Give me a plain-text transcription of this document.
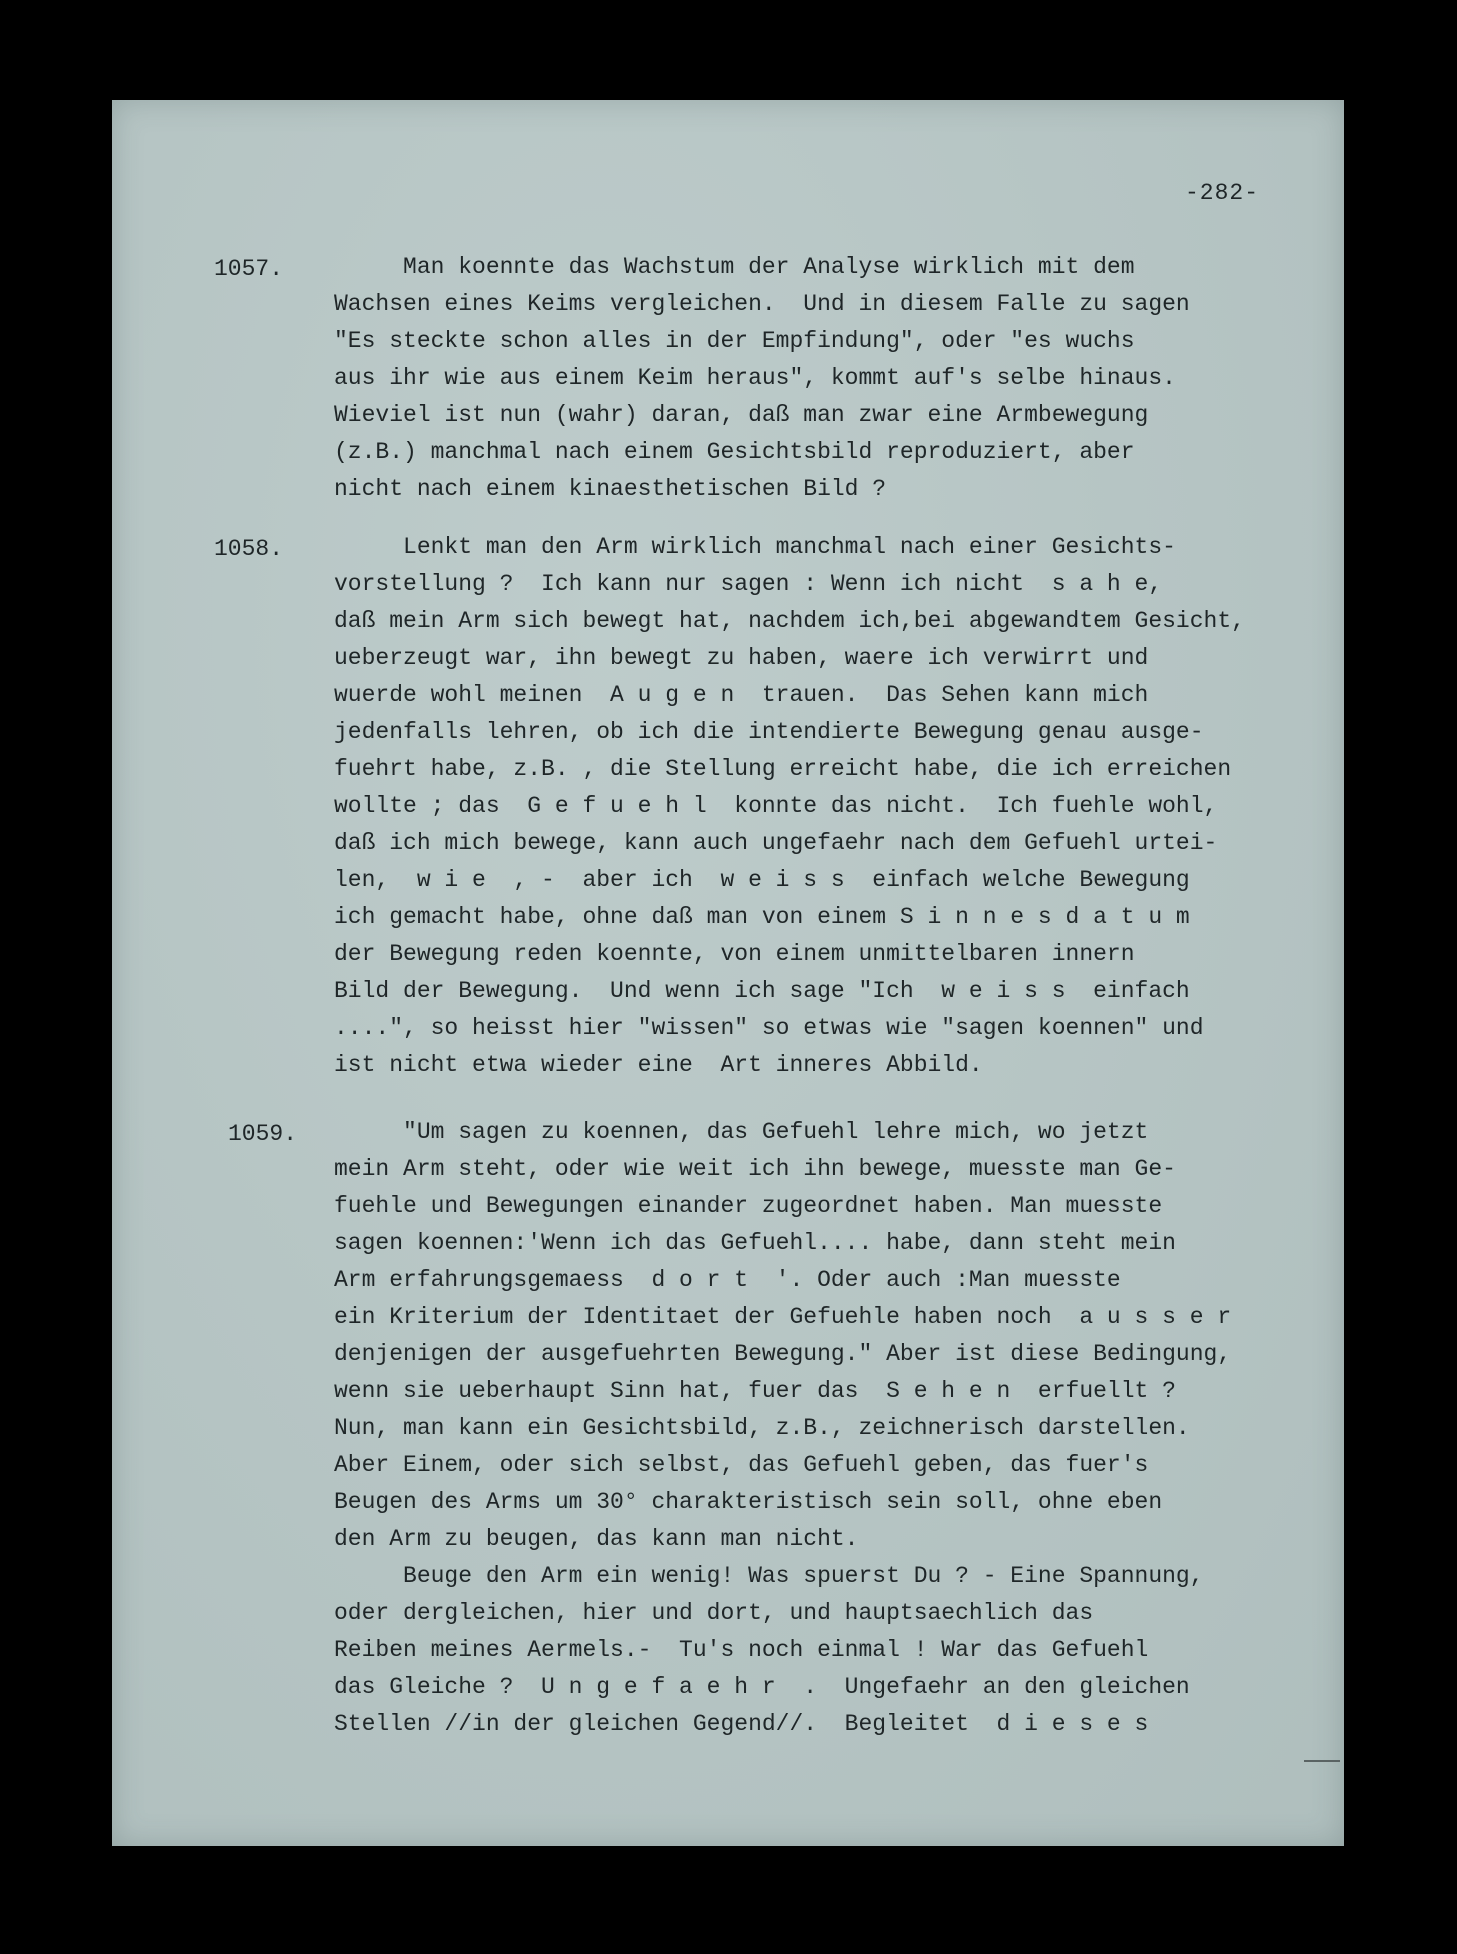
-282-
1057. Man koennte das Wachstum der Analyse wirklich mit dem
Wachsen eines Keims vergleichen.  Und in diesem Falle zu sagen
"Es steckte schon alles in der Empfindung", oder "es wuchs
aus ihr wie aus einem Keim heraus", kommt auf's selbe hinaus.
Wieviel ist nun (wahr) daran, daß man zwar eine Armbewegung
(z.B.) manchmal nach einem Gesichtsbild reproduziert, aber
nicht nach einem kinaesthetischen Bild ?
1058. Lenkt man den Arm wirklich manchmal nach einer Gesichts-
vorstellung ?  Ich kann nur sagen : Wenn ich nicht  s a h e,
daß mein Arm sich bewegt hat, nachdem ich,bei abgewandtem Gesicht,
ueberzeugt war, ihn bewegt zu haben, waere ich verwirrt und
wuerde wohl meinen  A u g e n  trauen.  Das Sehen kann mich
jedenfalls lehren, ob ich die intendierte Bewegung genau ausge-
fuehrt habe, z.B. , die Stellung erreicht habe, die ich erreichen
wollte ; das  G e f u e h l  konnte das nicht.  Ich fuehle wohl,
daß ich mich bewege, kann auch ungefaehr nach dem Gefuehl urtei-
len,  w i e  , -  aber ich  w e i s s  einfach welche Bewegung
ich gemacht habe, ohne daß man von einem S i n n e s d a t u m
der Bewegung reden koennte, von einem unmittelbaren innern
Bild der Bewegung.  Und wenn ich sage "Ich  w e i s s  einfach
....", so heisst hier "wissen" so etwas wie "sagen koennen" und
ist nicht etwa wieder eine  Art inneres Abbild.
1059. "Um sagen zu koennen, das Gefuehl lehre mich, wo jetzt
mein Arm steht, oder wie weit ich ihn bewege, muesste man Ge-
fuehle und Bewegungen einander zugeordnet haben. Man muesste
sagen koennen:'Wenn ich das Gefuehl.... habe, dann steht mein
Arm erfahrungsgemaess  d o r t  '. Oder auch :Man muesste
ein Kriterium der Identitaet der Gefuehle haben noch  a u s s e r
denjenigen der ausgefuehrten Bewegung." Aber ist diese Bedingung,
wenn sie ueberhaupt Sinn hat, fuer das  S e h e n  erfuellt ?
Nun, man kann ein Gesichtsbild, z.B., zeichnerisch darstellen.
Aber Einem, oder sich selbst, das Gefuehl geben, das fuer's
Beugen des Arms um 30° charakteristisch sein soll, ohne eben
den Arm zu beugen, das kann man nicht.
Beuge den Arm ein wenig! Was spuerst Du ? - Eine Spannung,
oder dergleichen, hier und dort, und hauptsaechlich das
Reiben meines Aermels.-  Tu's noch einmal ! War das Gefuehl
das Gleiche ?  U n g e f a e h r  .  Ungefaehr an den gleichen
Stellen //in der gleichen Gegend//.  Begleitet  d i e s e s
